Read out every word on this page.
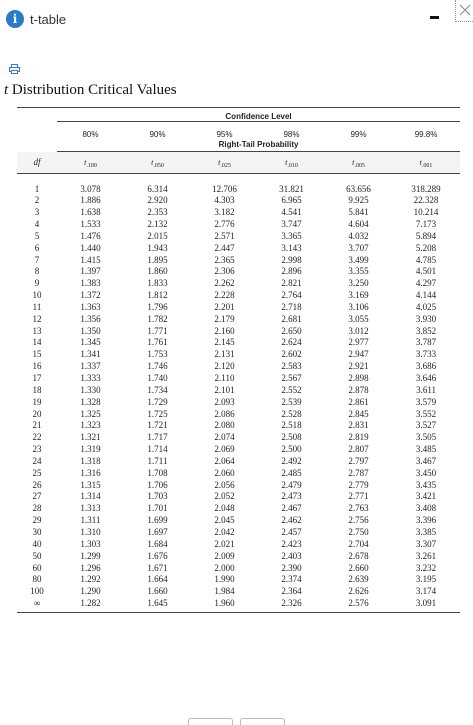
i t-table
t Distribution Critical Values
	Confidence Level					
	80%	90%	95%	98%	99%	99.8%
	Right-Tail Probability					
df	$t_{.100}$	$t_{.050}$	$t_{.025}$	$t_{.010}$	$t_{.005}$	$t_{.001}$

1	3.078	6.314	12.706	31.821	63.656	318.289
2	1.886	2.920	4.303	6.965	9.925	22.328
3	1.638	2.353	3.182	4.541	5.841	10.214
4	1.533	2.132	2.776	3.747	4.604	7.173
5	1.476	2.015	2.571	3.365	4.032	5.894
6	1.440	1.943	2.447	3.143	3.707	5.208
7	1.415	1.895	2.365	2.998	3.499	4.785
8	1.397	1.860	2.306	2.896	3.355	4.501
9	1.383	1.833	2.262	2.821	3.250	4.297
10	1.372	1.812	2.228	2.764	3.169	4.144
11	1.363	1.796	2.201	2.718	3.106	4.025
12	1.356	1.782	2.179	2.681	3.055	3.930
13	1.350	1.771	2.160	2.650	3.012	3.852
14	1.345	1.761	2.145	2.624	2.977	3.787
15	1.341	1.753	2.131	2.602	2.947	3.733
16	1.337	1.746	2.120	2.583	2.921	3.686
17	1.333	1.740	2.110	2.567	2.898	3.646
18	1.330	1.734	2.101	2.552	2.878	3.611
19	1.328	1.729	2.093	2.539	2.861	3.579
20	1.325	1.725	2.086	2.528	2.845	3.552
21	1.323	1.721	2.080	2.518	2.831	3.527
22	1.321	1.717	2.074	2.508	2.819	3.505
23	1.319	1.714	2.069	2.500	2.807	3.485
24	1.318	1.711	2.064	2.492	2.797	3.467
25	1.316	1.708	2.060	2.485	2.787	3.450
26	1.315	1.706	2.056	2.479	2.779	3.435
27	1.314	1.703	2.052	2.473	2.771	3.421
28	1.313	1.701	2.048	2.467	2.763	3.408
29	1.311	1.699	2.045	2.462	2.756	3.396
30	1.310	1.697	2.042	2.457	2.750	3.385
40	1.303	1.684	2.021	2.423	2.704	3.307
50	1.299	1.676	2.009	2.403	2.678	3.261
60	1.296	1.671	2.000	2.390	2.660	3.232
80	1.292	1.664	1.990	2.374	2.639	3.195
100	1.290	1.660	1.984	2.364	2.626	3.174
∞	1.282	1.645	1.960	2.326	2.576	3.091
